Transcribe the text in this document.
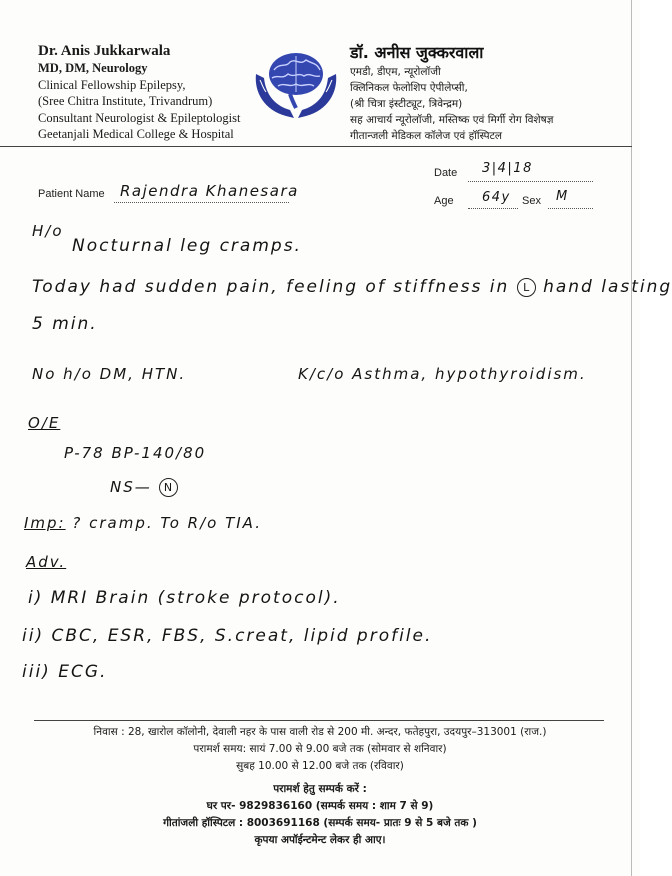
Dr. Anis Jukkarwala
MD, DM, Neurology
Clinical Fellowship Epilepsy,
(Sree Chitra Institute, Trivandrum)
Consultant Neurologist & Epileptologist
Geetanjali Medical College & Hospital
डॉ. अनीस जुक्करवाला
एमडी, डीएम, न्यूरोलॉजी
क्लिनिकल फेलोशिप ऐपीलेप्सी,
(श्री चित्रा इंस्टीट्यूट, त्रिवेन्द्रम)
सह आचार्य न्यूरोलॉजी, मस्तिष्क एवं मिर्गी रोग विशेषज्ञ
गीतान्जली मेडिकल कॉलेज एवं हॉस्पिटल
Date 3|4|18
Patient Name Rajendra Khanesara
Age 64y Sex M
H/o
Nocturnal leg cramps.
Today had sudden pain, feeling of stiffness in L hand lasting
5 min.
No h/o DM, HTN.	K/c/o Asthma, hypothyroidism.
O/E
P-78 BP-140/80
NS— N
Imp: ? cramp. To R/o TIA.
Adv.
i) MRI Brain (stroke protocol).
ii) CBC, ESR, FBS, S.creat, lipid profile.
iii) ECG.
निवास : 28, खारोल कॉलोनी, देवाली नहर के पास वाली रोड से 200 मी. अन्दर, फतेहपुरा, उदयपुर–313001 (राज.)
परामर्श समय: सायं 7.00 से 9.00 बजे तक (सोमवार से शनिवार)
सुबह 10.00 से 12.00 बजे तक (रविवार)
परामर्श हेतु सम्पर्क करें :
घर पर- 9829836160 (सम्पर्क समय : शाम 7 से 9)
गीतांजली हॉस्पिटल : 8003691168 (सम्पर्क समय- प्रातः 9 से 5 बजे तक )
कृपया अपॉईन्टमेन्ट लेकर ही आए।
